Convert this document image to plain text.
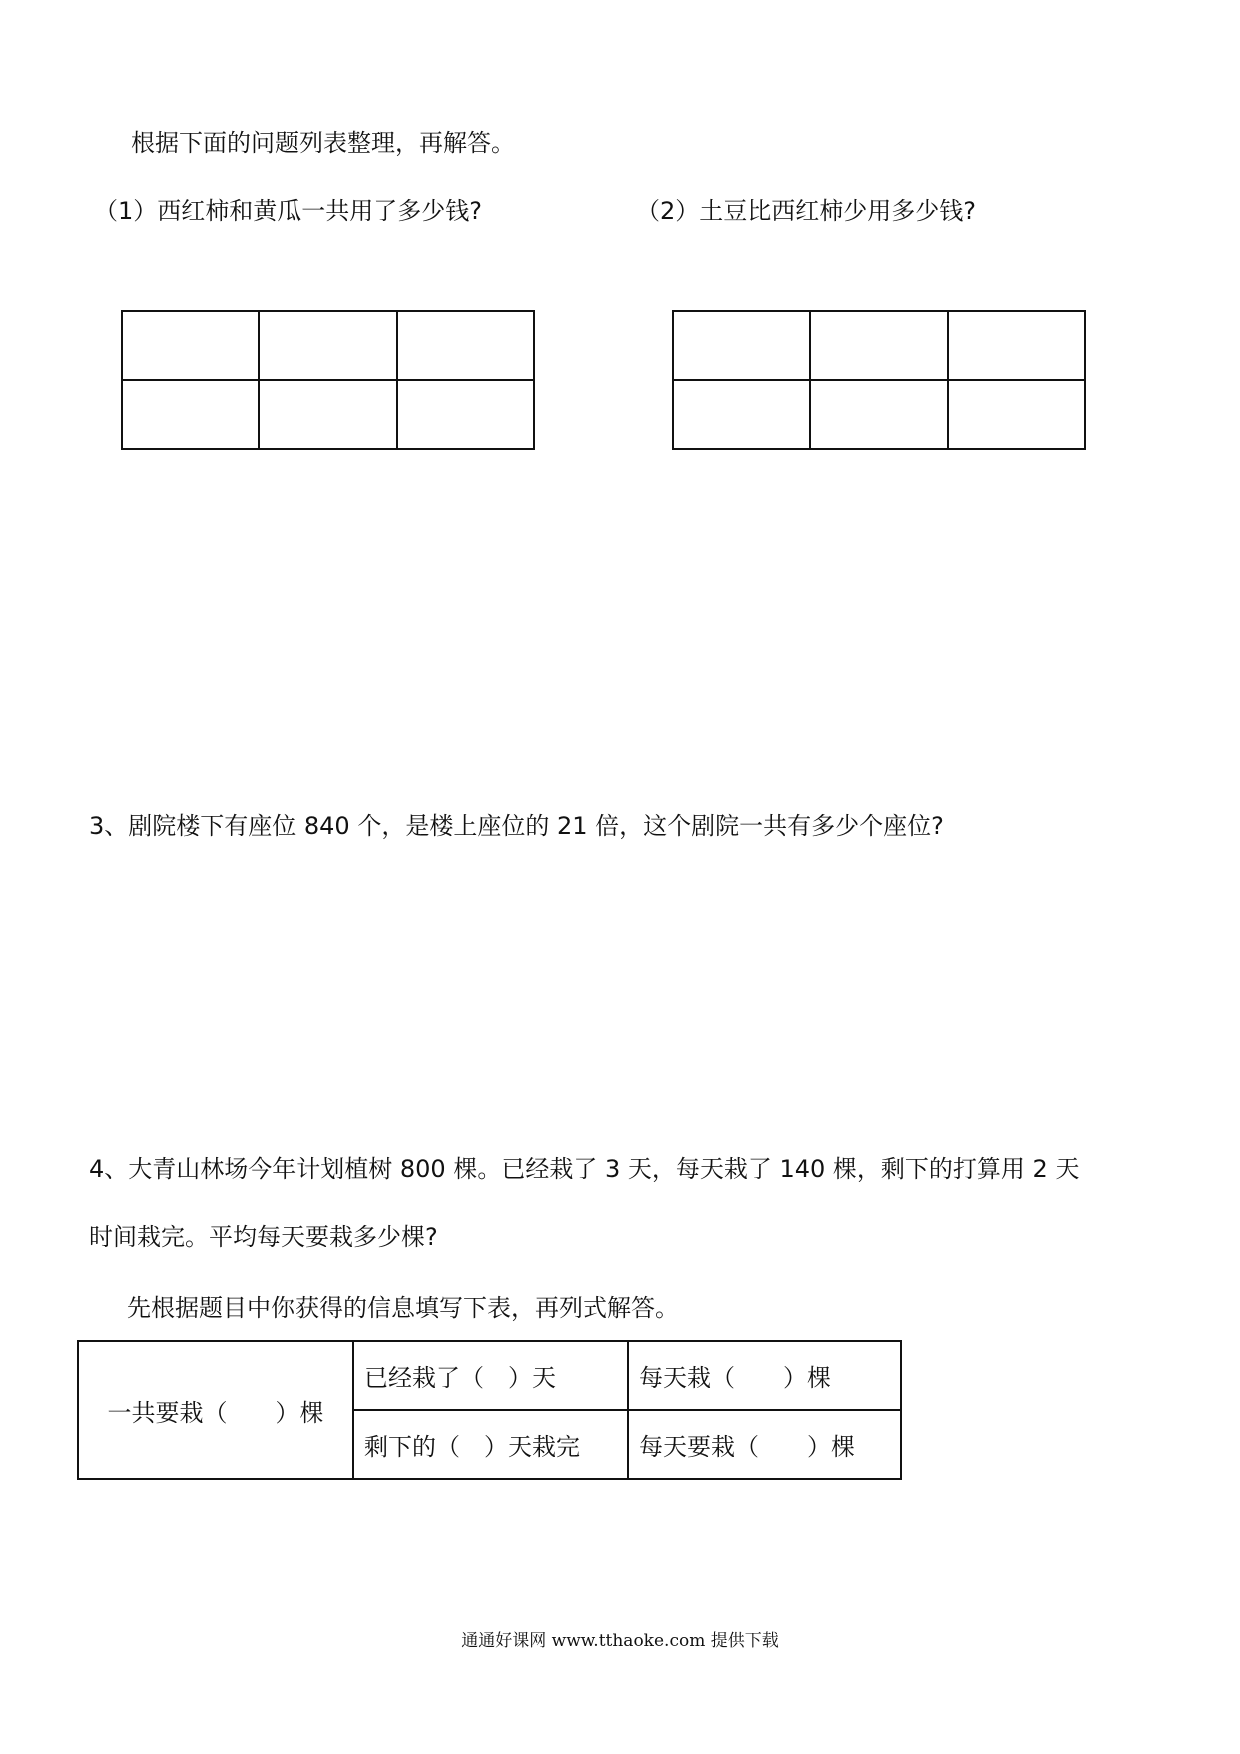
根据下面的问题列表整理，再解答。
（1）西红柿和黄瓜一共用了多少钱?	（2）土豆比西红柿少用多少钱?

3、剧院楼下有座位 840 个，是楼上座位的 21 倍，这个剧院一共有多少个座位?
4、大青山林场今年计划植树 800 棵。已经栽了 3 天，每天栽了 140 棵，剩下的打算用 2 天
时间栽完。平均每天要栽多少棵?
先根据题目中你获得的信息填写下表，再列式解答。
一共要栽（　　）棵	已经栽了（　）天	每天栽（　　）棵
	剩下的（　）天栽完	每天要栽（　　）棵
通通好课网 www.tthaoke.com 提供下载
